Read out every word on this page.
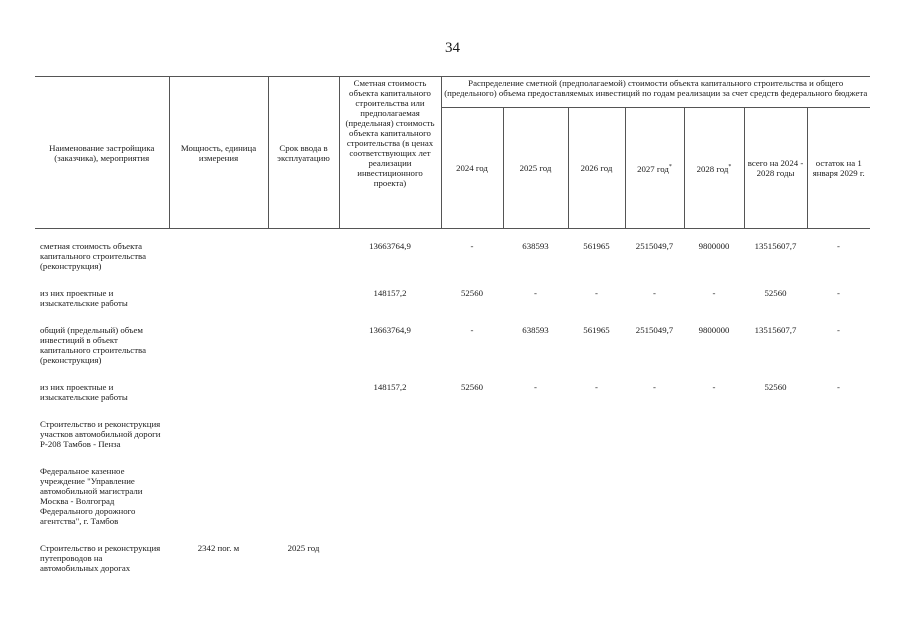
34
Наименование застройщика (заказчика), мероприятия	Мощность, единица измерения	Срок ввода в эксплуатацию	Сметная стоимость объекта капитального строительства или предполагаемая (предельная) стоимость объекта капитального строительства (в ценах соответствующих лет реализации инвестиционного проекта)	Распределение сметной (предполагаемой) стоимости объекта капитального строительства и общего (предельного) объема предоставляемых инвестиций по годам реализации за счет средств федерального бюджета						
				2024 год	2025 год	2026 год	2027 год*	2028 год*	всего на 2024 - 2028 годы	остаток на 1 января 2029 г.
сметная стоимость объекта капитального строительства (реконструкция)			13663764,9	-	638593	561965	2515049,7	9800000	13515607,7	-
из них проектные и изыскательские работы			148157,2	52560	-	-	-	-	52560	-
общий (предельный) объем инвестиций в объект капитального строительства (реконструкция)			13663764,9	-	638593	561965	2515049,7	9800000	13515607,7	-
из них проектные и изыскательские работы			148157,2	52560	-	-	-	-	52560	-
Строительство и реконструкция участков автомобильной дороги Р-208 Тамбов - Пенза										
Федеральное казенное учреждение "Управление автомобильной магистрали Москва - Волгоград Федерального дорожного агентства", г. Тамбов										
Строительство и реконструкция путепроводов на автомобильных дорогах	2342 пог. м	2025 год								
